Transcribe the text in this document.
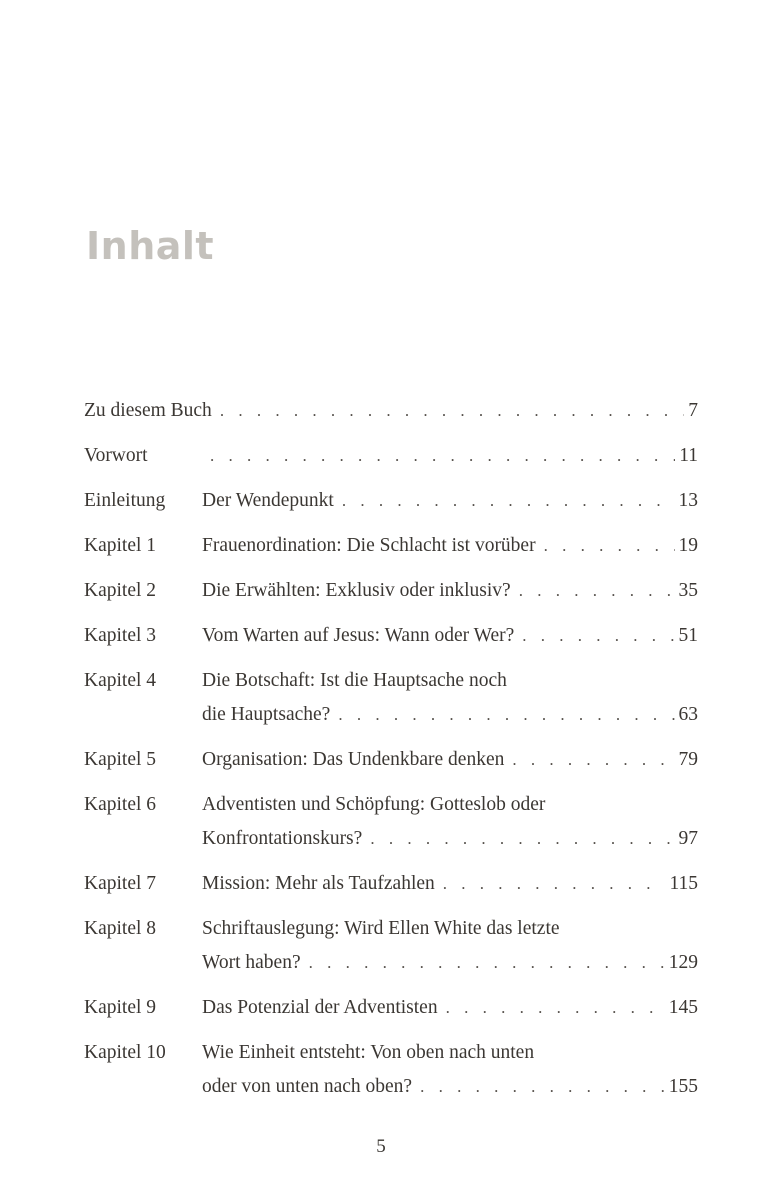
Inhalt
Zu diesem Buch . . .	7
Vorwort . . .	11
Einleitung	Der Wendepunkt . . .	13
Kapitel 1	Frauenordination: Die Schlacht ist vorüber . . .	19
Kapitel 2	Die Erwählten: Exklusiv oder inklusiv? . . .	35
Kapitel 3	Vom Warten auf Jesus: Wann oder Wer? . . .	51
Kapitel 4	Die Botschaft: Ist die Hauptsache noch
die Hauptsache? . . .	63
Kapitel 5	Organisation: Das Undenkbare denken . . .	79
Kapitel 6	Adventisten und Schöpfung: Gotteslob oder
Konfrontationskurs? . . .	97
Kapitel 7	Mission: Mehr als Taufzahlen . . .	115
Kapitel 8	Schriftauslegung: Wird Ellen White das letzte
Wort haben? . . .	129
Kapitel 9	Das Potenzial der Adventisten . . .	145
Kapitel 10	Wie Einheit entsteht: Von oben nach unten
oder von unten nach oben? . . .	155
5
